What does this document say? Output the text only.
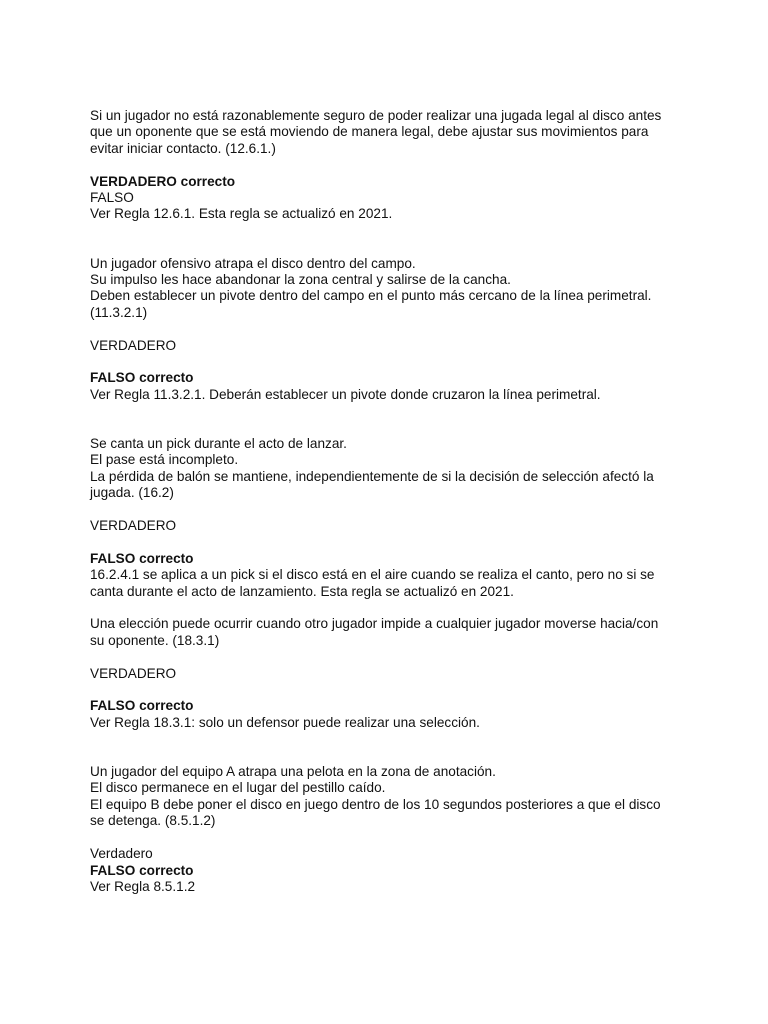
Si un jugador no está razonablemente seguro de poder realizar una jugada legal al disco antes
que un oponente que se está moviendo de manera legal, debe ajustar sus movimientos para
evitar iniciar contacto. (12.6.1.)
VERDADERO correcto
FALSO
Ver Regla 12.6.1. Esta regla se actualizó en 2021.
Un jugador ofensivo atrapa el disco dentro del campo.
Su impulso les hace abandonar la zona central y salirse de la cancha.
Deben establecer un pivote dentro del campo en el punto más cercano de la línea perimetral.
(11.3.2.1)
VERDADERO
FALSO correcto
Ver Regla 11.3.2.1. Deberán establecer un pivote donde cruzaron la línea perimetral.
Se canta un pick durante el acto de lanzar.
El pase está incompleto.
La pérdida de balón se mantiene, independientemente de si la decisión de selección afectó la
jugada. (16.2)
VERDADERO
FALSO correcto
16.2.4.1 se aplica a un pick si el disco está en el aire cuando se realiza el canto, pero no si se
canta durante el acto de lanzamiento. Esta regla se actualizó en 2021.
Una elección puede ocurrir cuando otro jugador impide a cualquier jugador moverse hacia/con
su oponente. (18.3.1)
VERDADERO
FALSO correcto
Ver Regla 18.3.1: solo un defensor puede realizar una selección.
Un jugador del equipo A atrapa una pelota en la zona de anotación.
El disco permanece en el lugar del pestillo caído.
El equipo B debe poner el disco en juego dentro de los 10 segundos posteriores a que el disco
se detenga. (8.5.1.2)
Verdadero
FALSO correcto
Ver Regla 8.5.1.2
